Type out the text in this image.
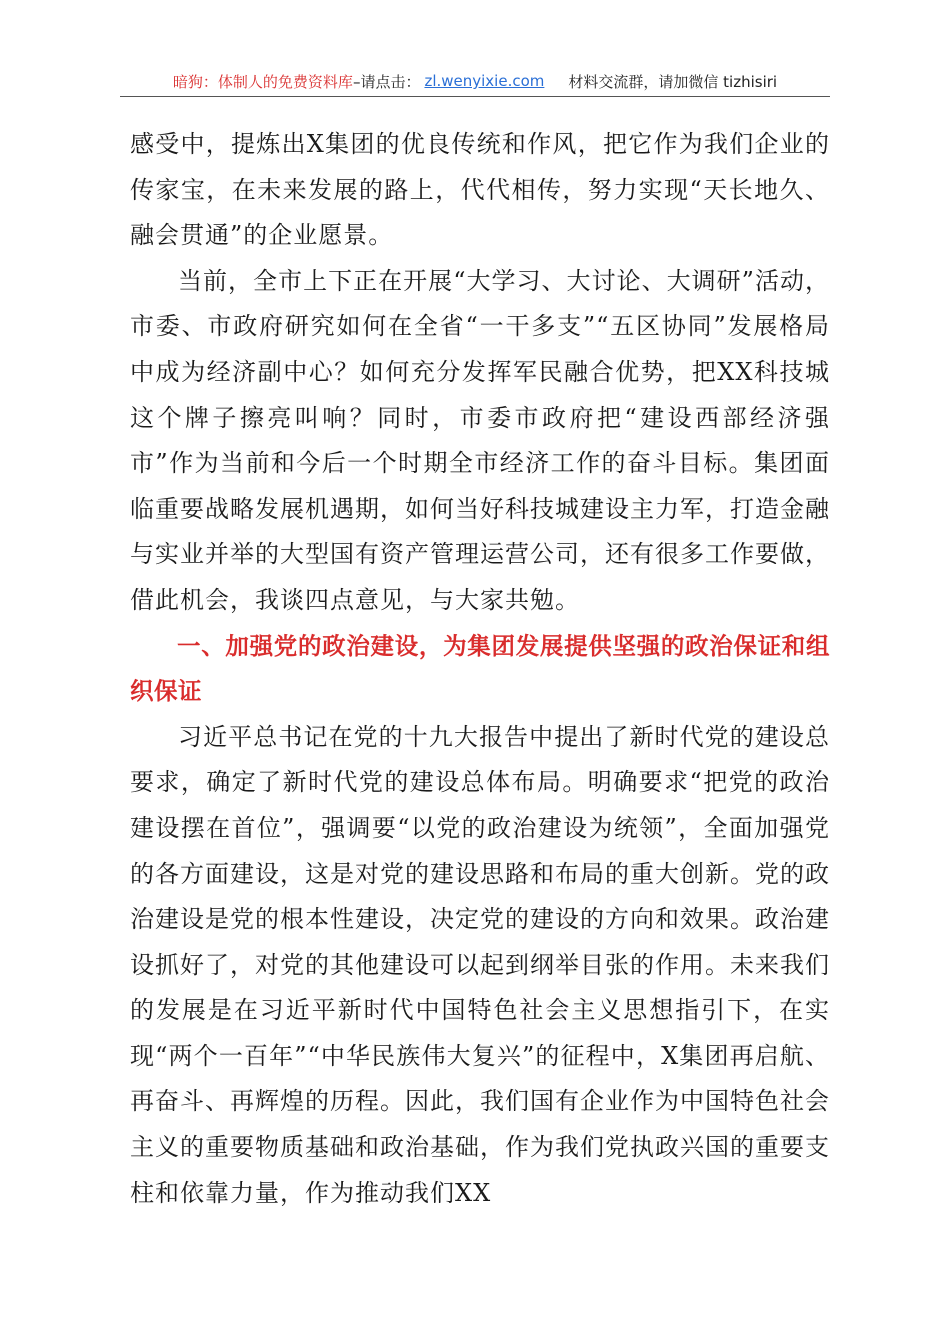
暗狗：体制人的免费资料库 –请点击： zl.wenyixie.com 材料交流群，请加微信 tizhisiri

感受中，提炼出X集团的优良传统和作风，把它作为我们企业的传家宝，在未来发展的路上，代代相传，努力实现“天长地久、融会贯通”的企业愿景。

当前，全市上下正在开展“大学习、大讨论、大调研”活动，市委、市政府研究如何在全省“一干多支”“五区协同”发展格局中成为经济副中心？如何充分发挥军民融合优势，把XX科技城这个牌子擦亮叫响？同时，市委市政府把“建设西部经济强市”作为当前和今后一个时期全市经济工作的奋斗目标。集团面临重要战略发展机遇期，如何当好科技城建设主力军，打造金融与实业并举的大型国有资产管理运营公司，还有很多工作要做，借此机会，我谈四点意见，与大家共勉。

一、加强党的政治建设，为集团发展提供坚强的政治保证和组织保证

习近平总书记在党的十九大报告中提出了新时代党的建设总要求，确定了新时代党的建设总体布局。明确要求“把党的政治建设摆在首位”，强调要“以党的政治建设为统领”，全面加强党的各方面建设，这是对党的建设思路和布局的重大创新。党的政治建设是党的根本性建设，决定党的建设的方向和效果。政治建设抓好了，对党的其他建设可以起到纲举目张的作用。未来我们的发展是在习近平新时代中国特色社会主义思想指引下，在实现“两个一百年”“中华民族伟大复兴”的征程中，X集团再启航、再奋斗、再辉煌的历程。因此，我们国有企业作为中国特色社会主义的重要物质基础和政治基础，作为我们党执政兴国的重要支柱和依靠力量，作为推动我们XX
